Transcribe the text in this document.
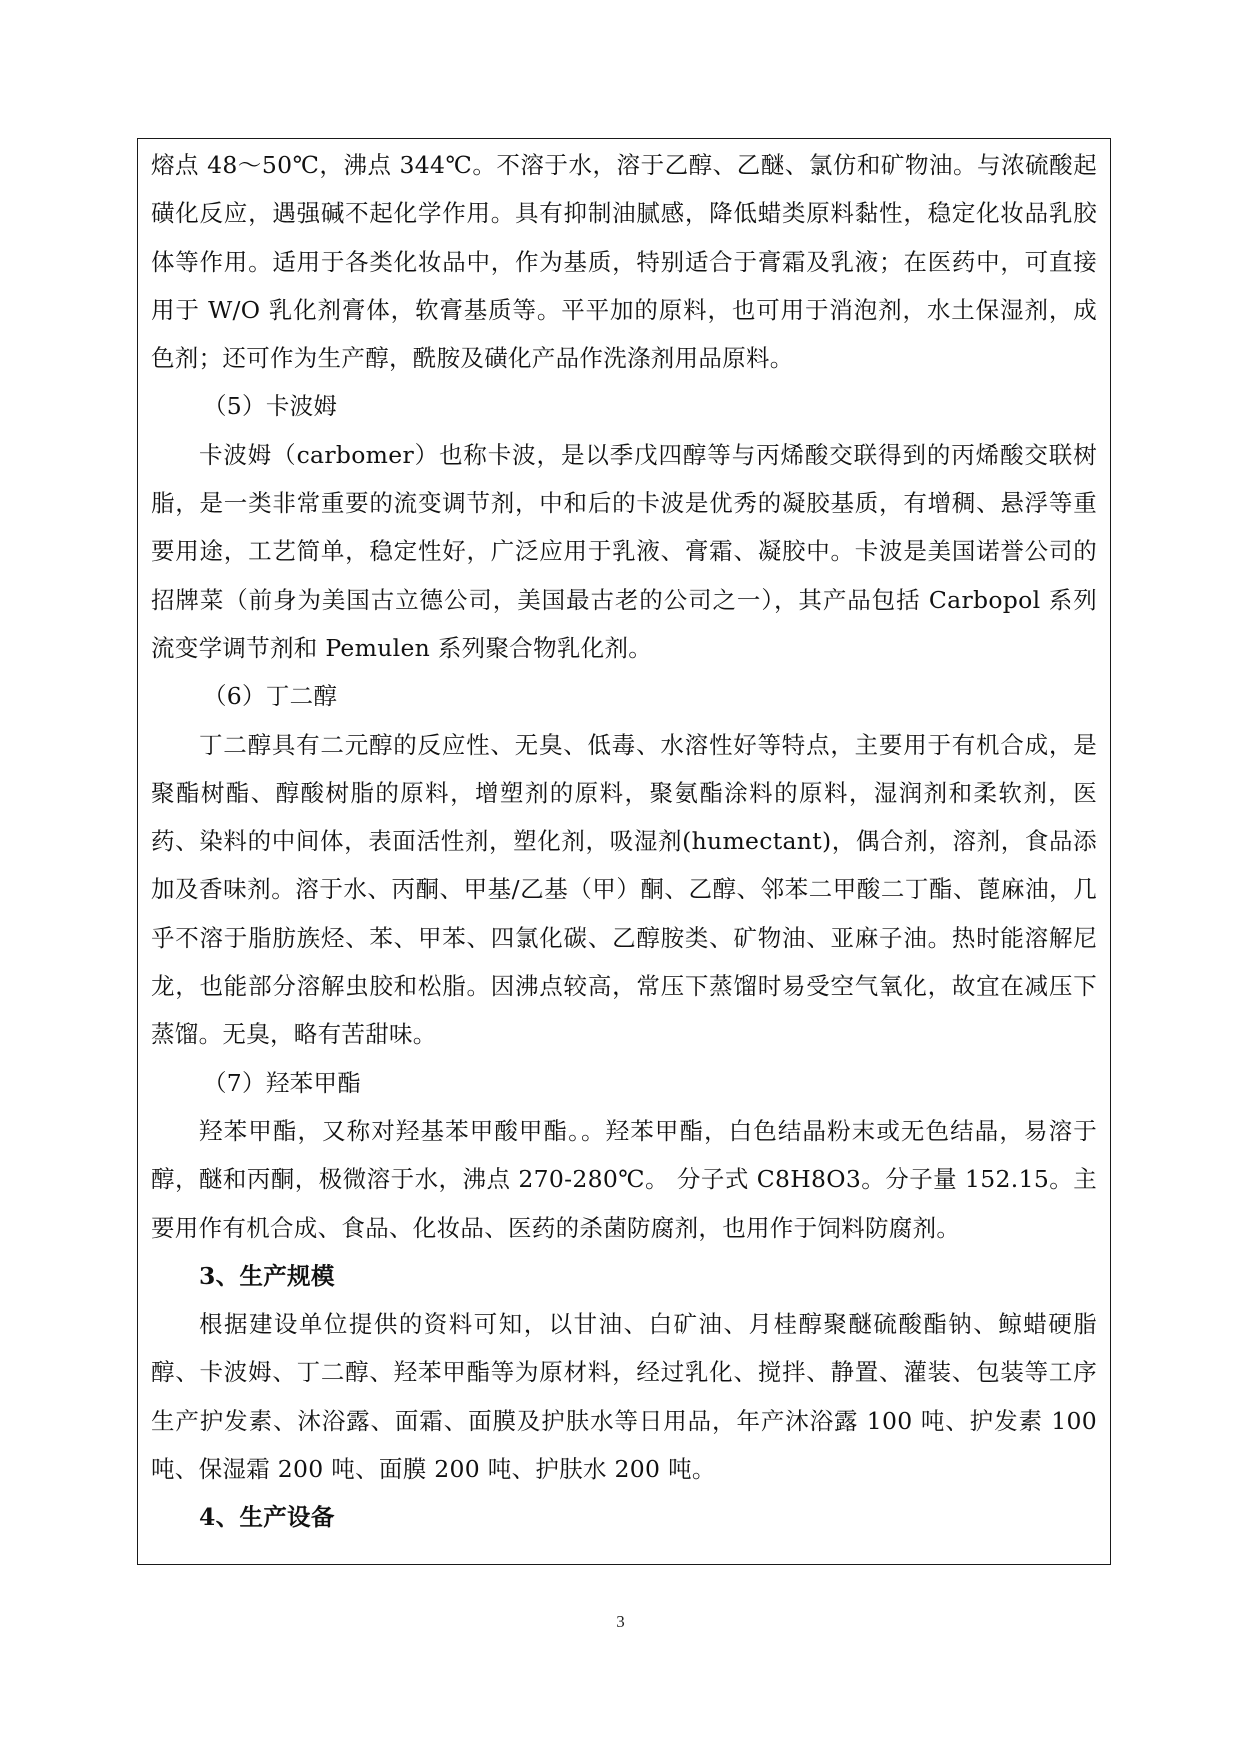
熔点 48～50℃，沸点 344℃。不溶于水，溶于乙醇、乙醚、氯仿和矿物油。与浓硫酸起磺化反应，遇强碱不起化学作用。具有抑制油腻感，降低蜡类原料黏性，稳定化妆品乳胶体等作用。适用于各类化妆品中，作为基质，特别适合于膏霜及乳液；在医药中，可直接用于 W/O 乳化剂膏体，软膏基质等。平平加的原料，也可用于消泡剂，水土保湿剂，成色剂；还可作为生产醇，酰胺及磺化产品作洗涤剂用品原料。

（5）卡波姆

卡波姆（carbomer）也称卡波，是以季戊四醇等与丙烯酸交联得到的丙烯酸交联树脂，是一类非常重要的流变调节剂，中和后的卡波是优秀的凝胶基质，有增稠、悬浮等重要用途，工艺简单，稳定性好，广泛应用于乳液、膏霜、凝胶中。卡波是美国诺誉公司的招牌菜（前身为美国古立德公司，美国最古老的公司之一），其产品包括 Carbopol 系列流变学调节剂和 Pemulen 系列聚合物乳化剂。

（6）丁二醇

丁二醇具有二元醇的反应性、无臭、低毒、水溶性好等特点，主要用于有机合成，是聚酯树酯、醇酸树脂的原料，增塑剂的原料，聚氨酯涂料的原料，湿润剂和柔软剂，医药、染料的中间体，表面活性剂，塑化剂，吸湿剂(humectant)，偶合剂，溶剂，食品添加及香味剂。溶于水、丙酮、甲基/乙基（甲）酮、乙醇、邻苯二甲酸二丁酯、蓖麻油，几乎不溶于脂肪族烃、苯、甲苯、四氯化碳、乙醇胺类、矿物油、亚麻子油。热时能溶解尼龙，也能部分溶解虫胶和松脂。因沸点较高，常压下蒸馏时易受空气氧化，故宜在减压下蒸馏。无臭，略有苦甜味。

（7）羟苯甲酯

羟苯甲酯，又称对羟基苯甲酸甲酯。。羟苯甲酯，白色结晶粉末或无色结晶，易溶于醇，醚和丙酮，极微溶于水，沸点 270-280℃。 分子式 C8H8O3。分子量 152.15。主要用作有机合成、食品、化妆品、医药的杀菌防腐剂，也用作于饲料防腐剂。

3、生产规模

根据建设单位提供的资料可知，以甘油、白矿油、月桂醇聚醚硫酸酯钠、鲸蜡硬脂醇、卡波姆、丁二醇、羟苯甲酯等为原材料，经过乳化、搅拌、静置、灌装、包装等工序生产护发素、沐浴露、面霜、面膜及护肤水等日用品，年产沐浴露 100 吨、护发素 100 吨、保湿霜 200 吨、面膜 200 吨、护肤水 200 吨。

4、生产设备

3
